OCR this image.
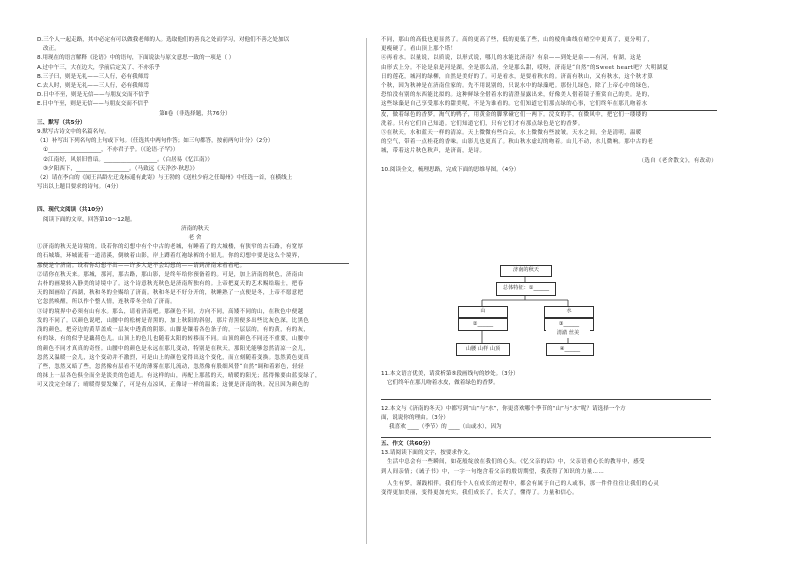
D.三个人一起走路，其中必定有可以做我老师的人。选取他们的善良之处而学习，对他们不善之处加以
改正。
8.用现在的语言解释《论语》中的语句，下面说法与原文意思一致的一项是（ ）
A.过中午三，大在边大，学前后定关了、不亦乐乎
B.三子曰，则是无礼——三人行，必有我师焉
C.去人时，则是无礼——三人行，必有我师焉
D.日中不至，则是无信——与朋友交而不信乎
E.日中午至，则是无信——与朋友交而不信乎
第Ⅱ卷（非选择题，共76分）
三、默写（共5分）
9.默写古诗文中的名篇名句。
（1）补写出下列名句的上句或下句。（任选其中两句作答；如三句都答，按前两句计分）（2分）
①___________________，不亦君子乎。（《论语·子罕》）
②江南好，风景旧曾谙。___________________。（白居易《忆江南》）
③夕阳西下，___________________。（马致远《天净沙·秋思》）
（2）请在李白的《闻王昌龄左迁龙标遥有此寄》与王勃的《送杜少府之任蜀州》中任选一首，在横线上
写出以上题目要求的诗句。（4分）
四、现代文阅读（共10分）
阅读下面的文章，回答第10～12题。
济南的秋天
老 舍
①济南的秋天是诗境的。设若你的幻想中有个中古的老城，有睡着了的大城楼，有狭窄的古石路，有宽厚
的石城墙，环城流着一道清溪，倒映着山影，岸上蹲着红袍绿裤的小妞儿。你的幻想中要是这么个境界，
那便是个济南。设若你幻想不出——许多人是不会幻想的——请到济南来看看吧。
②请你在秋天来。那城，那河，那古路，那山影，是终年给你预备着的。可是，加上济南的秋色，济南由
古朴的画境转入静美的诗境中了。这个诗意秋光秋色是济南所独有的。上帝把夏天的艺术赐给瑞士，把春
天的图画给了西湖，秋和冬的全赐给了济南。秋和冬是不好分开的，秋睡熟了一点便是冬，上帝不愿意把
它忽然唤醒，所以作个整人情，连秋带冬全给了济南。
③诗的境界中必须有山有水。那么，请看济南吧。那颜色不同，方向不同，高矮不同的山，在秋色中便越
发的不同了。以颜色说吧，山腰中的松树是青黑的，加上秋阳的斜射，那片青黑便多出些比灰色深，比黑色
浅的颜色，把旁边的黄草盖成一层灰中透黄的阴影。山脚是镶着各色条子的，一层层的，有的黄，有的灰，
有的绿，有的似乎是藕荷色儿。山顶上的色儿也随着太阳的转移而不同。山顶的颜色不同还不重要，山腰中
的颜色不同才真真的奇怪。山腰中的颜色是永远在那儿变动，特别是在秋天，那阳光能够忽然清凉一会儿，
忽然又温暖一会儿，这个变动并不激烈，可是山上的颜色觉得出这个变化，而立刻随着变换。忽然黄色更真
了些，忽然又暗了些，忽然像有层看不见的薄雾在那儿流动，忽然像有股细风替“自然”调和着彩色，轻轻
的抹上一层各色俱全而全是淡美的色道儿。有这样的山，再配上那蓝的天，晴暖的阳光；蓝得像要由蓝变绿了，
可又没完全绿了；晴暖得要发燥了，可是有点凉风，正像诗一样的温柔；这便是济南的秋。况且因为颜色的
不同，那山的高低也更显然了。高的更高了些，低的更低了些，山的棱角曲线在晴空中更真了，更分明了，
更瘦硬了。看山顶上那个塔！
④再看水。以量说，以质说，以形式说，哪儿的水能比济南？有泉——到处是泉——有河，有湖，这是
由形式上分。不论是泉是河是湖，全是那么清，全是那么甜，哎呀，济南是“自然”的Sweet heart吧？大明湖夏
日的莲花，城河的绿柳，自然是美好的了。可是看水，是要看秋水的。济南有秋山，又有秋水，这个秋才算
个秋，因为秋神是在济南住家的。先不用说别的，只说水中的绿藻吧。那份儿绿色，除了上帝心中的绿色，
恐怕没有别的东西能比拟的。这种鲜绿全借着水的清澄显露出来，好像美人借着镜子鉴赏自己的美。是的，
这些绿藻是自己享受那水的甜美呢，不是为谁看的。它们知道它们那点绿的心事，它们终年在那儿吻着水
皮，做着绿色的香梦。淘气的鸭子，用黄金的脚掌碰它们一两下。浣女的手，在微风中，把它们一缕缕的
洗着。只有它们自己知道。它们知道它们，只有它们才有那点绿色是它的香梦。
⑤在秋天，水和蓝天一样的清凉。天上微微有些白云，水上微微有些波皱。天水之间，全是清明，温暖
的空气，带着一点桂花的香味。山影儿也更真了。秋山秋水虚幻的吻着。山儿不动，水儿微响。那中古的老
城，带着这片秋色秋声，是济南，是诗。
（选自《老舍散文》，有改动）
10.阅读全文，梳理思路，完成下面的思维导图。（4分）
济南的秋天
总体特征：①______
山	水
②______	③______
山腰 山样 山顶
清澈 丝美
④______
11.本文语言优美，请赏析第⑤段画线句的妙处。（3分）
它们终年在那儿吻着水皮，做着绿色的香梦。
12.本文与《济南的冬天》中都写到“山”与“水”，你更喜欢哪个季节的“山”与“水”呢？请选择一个方
面，说说你的理由。（3分）
我喜欢 ____（季节）的 ____（山或水），因为
五、作文（共60分）
13.请阅读下面的文字，按要求作文。
生活中总会有一些瞬间，如花般绽放在我们的心头。《忆父亲的话》中，父亲语重心长的教导中，感受
到人间亲情；《诫子书》中，一字一句饱含着父亲的殷切期望，我获得了知识的力量……
人生有梦，谨践相伴。我们每个人在成长的过程中，都会有属于自己的人或事，那一件件往往让我们的心灵
变得更加美丽，变得更加充实，我们成长了，长大了，懂得了。力量和信心。
